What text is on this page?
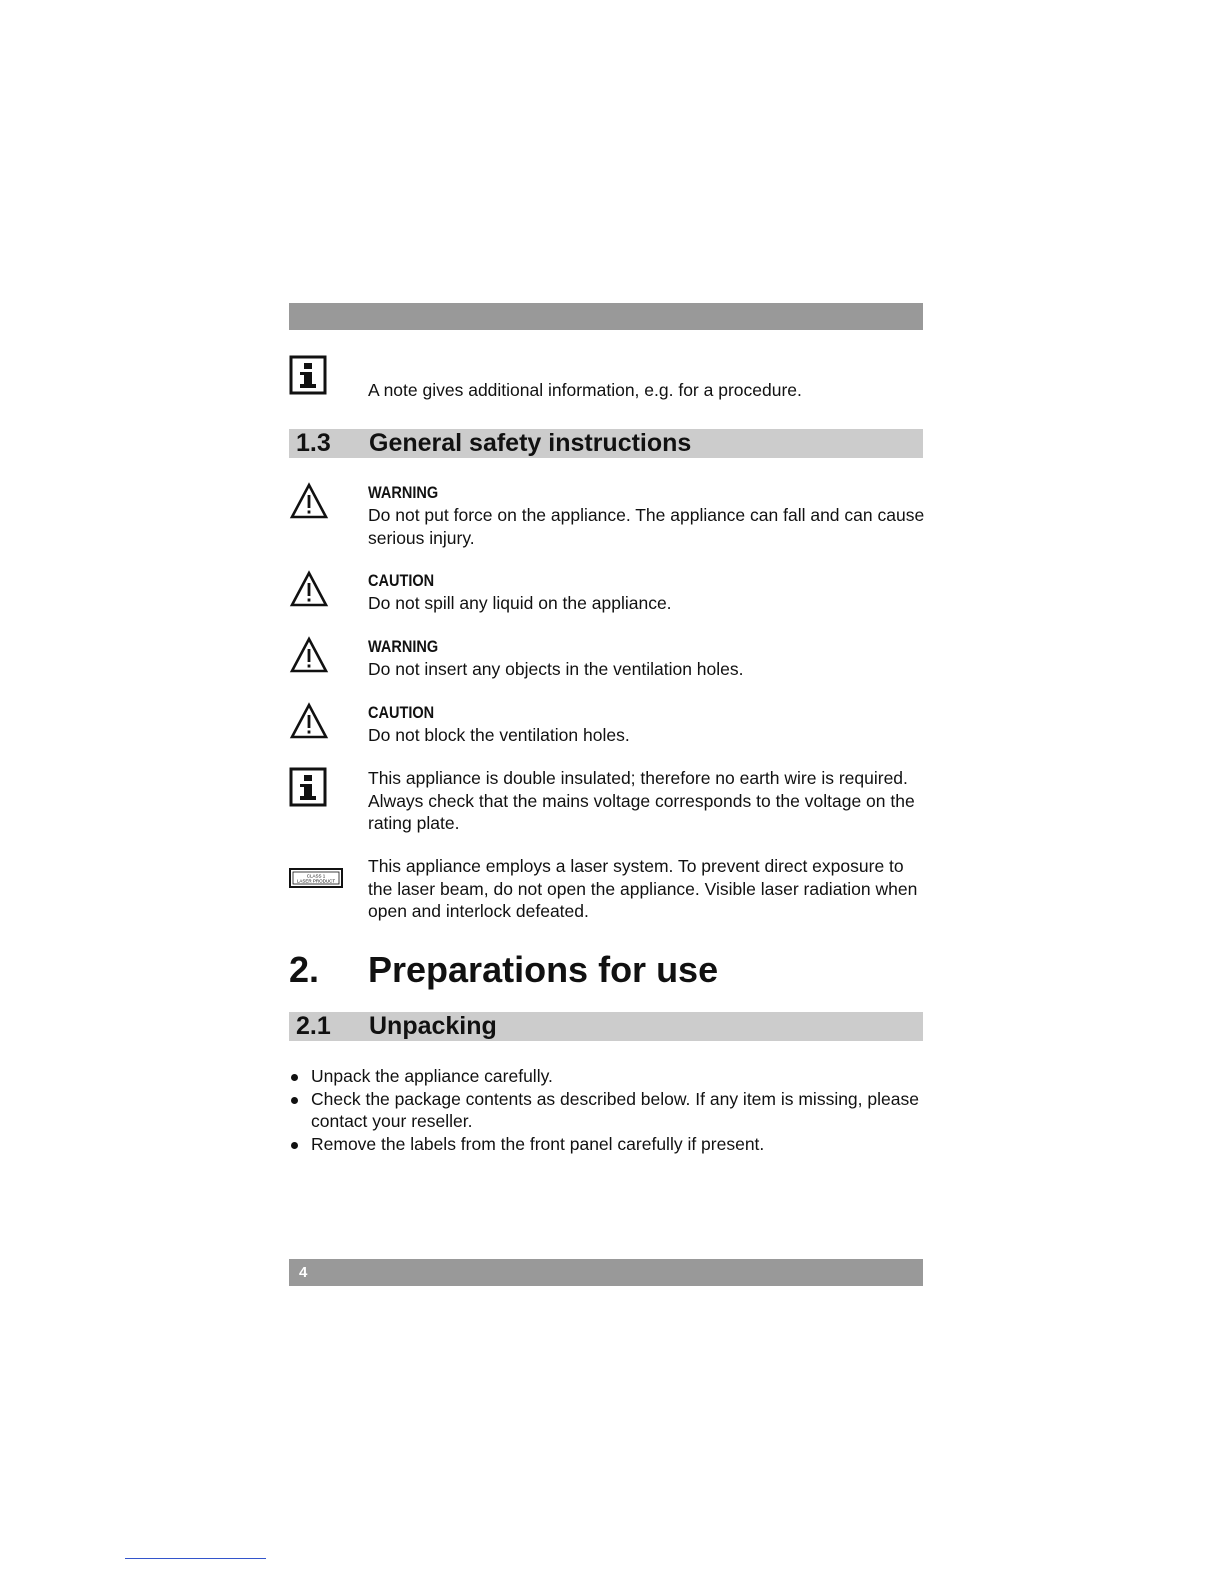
A note gives additional information, e.g. for a procedure.
1.3 General safety instructions
WARNING
Do not put force on the appliance. The appliance can fall and can cause serious injury.
CAUTION
Do not spill any liquid on the appliance.
WARNING
Do not insert any objects in the ventilation holes.
CAUTION
Do not block the ventilation holes.
This appliance is double insulated; therefore no earth wire is required. Always check that the mains voltage corresponds to the voltage on the rating plate.
CLASS 1
LASER PRODUCT
This appliance employs a laser system. To prevent direct exposure to the laser beam, do not open the appliance. Visible laser radiation when open and interlock defeated.
2. Preparations for use
2.1 Unpacking
Unpack the appliance carefully.
Check the package contents as described below. If any item is missing, please contact your reseller.
Remove the labels from the front panel carefully if present.
4
